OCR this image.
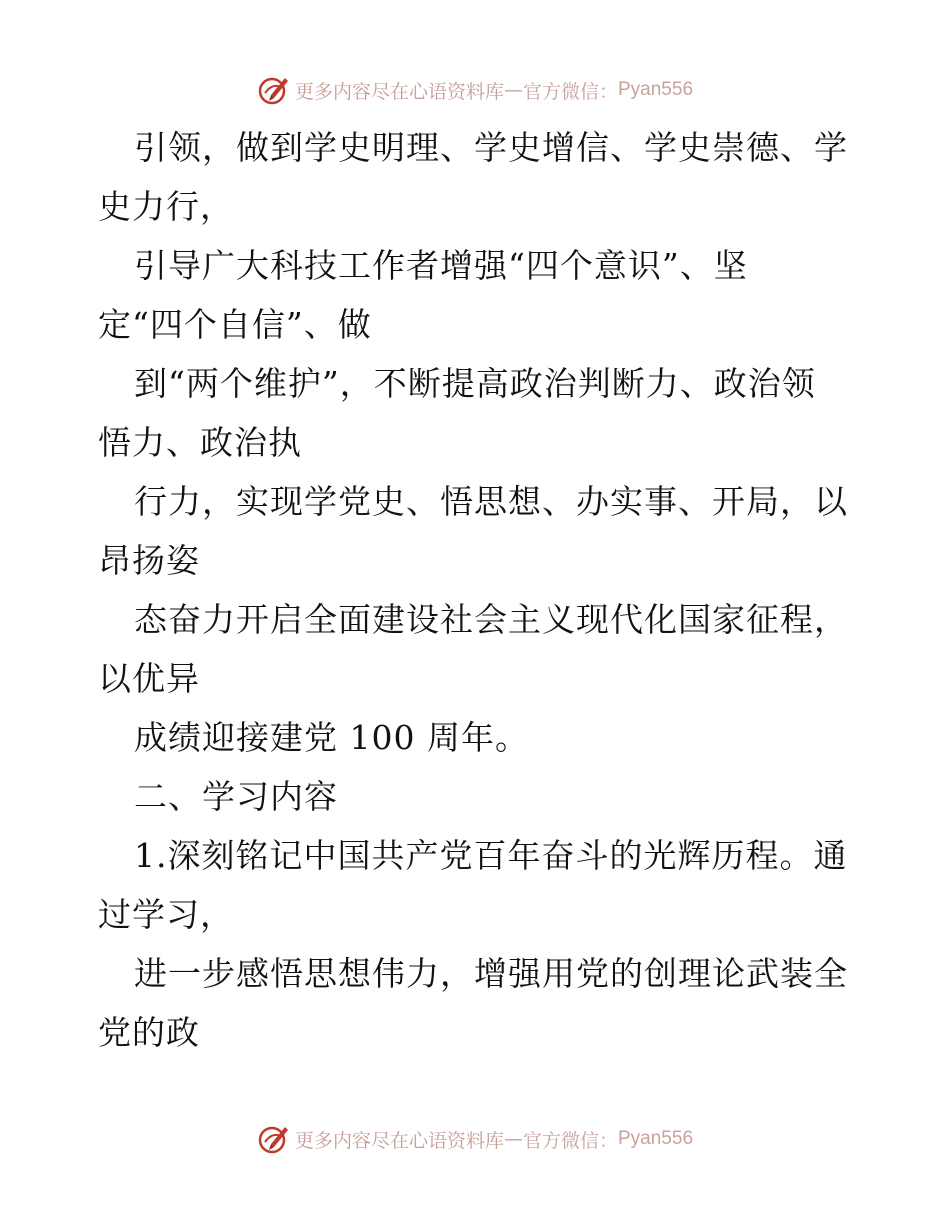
更多内容尽在心语资料库 — 官方微信： Pyan556
引领，做到学史明理、学史增信、学史崇德、学
史力行，
引导广大科技工作者增强“四个意识”、坚
定“四个自信”、做
到“两个维护”，不断提高政治判断力、政治领
悟力、政治执
行力，实现学党史、悟思想、办实事、开局，以
昂扬姿
态奋力开启全面建设社会主义现代化国家征程，
以优异
成绩迎接建党 100 周年。
二、学习内容
1.深刻铭记中国共产党百年奋斗的光辉历程。通
过学习，
进一步感悟思想伟力，增强用党的创理论武装全
党的政
更多内容尽在心语资料库 — 官方微信： Pyan556
